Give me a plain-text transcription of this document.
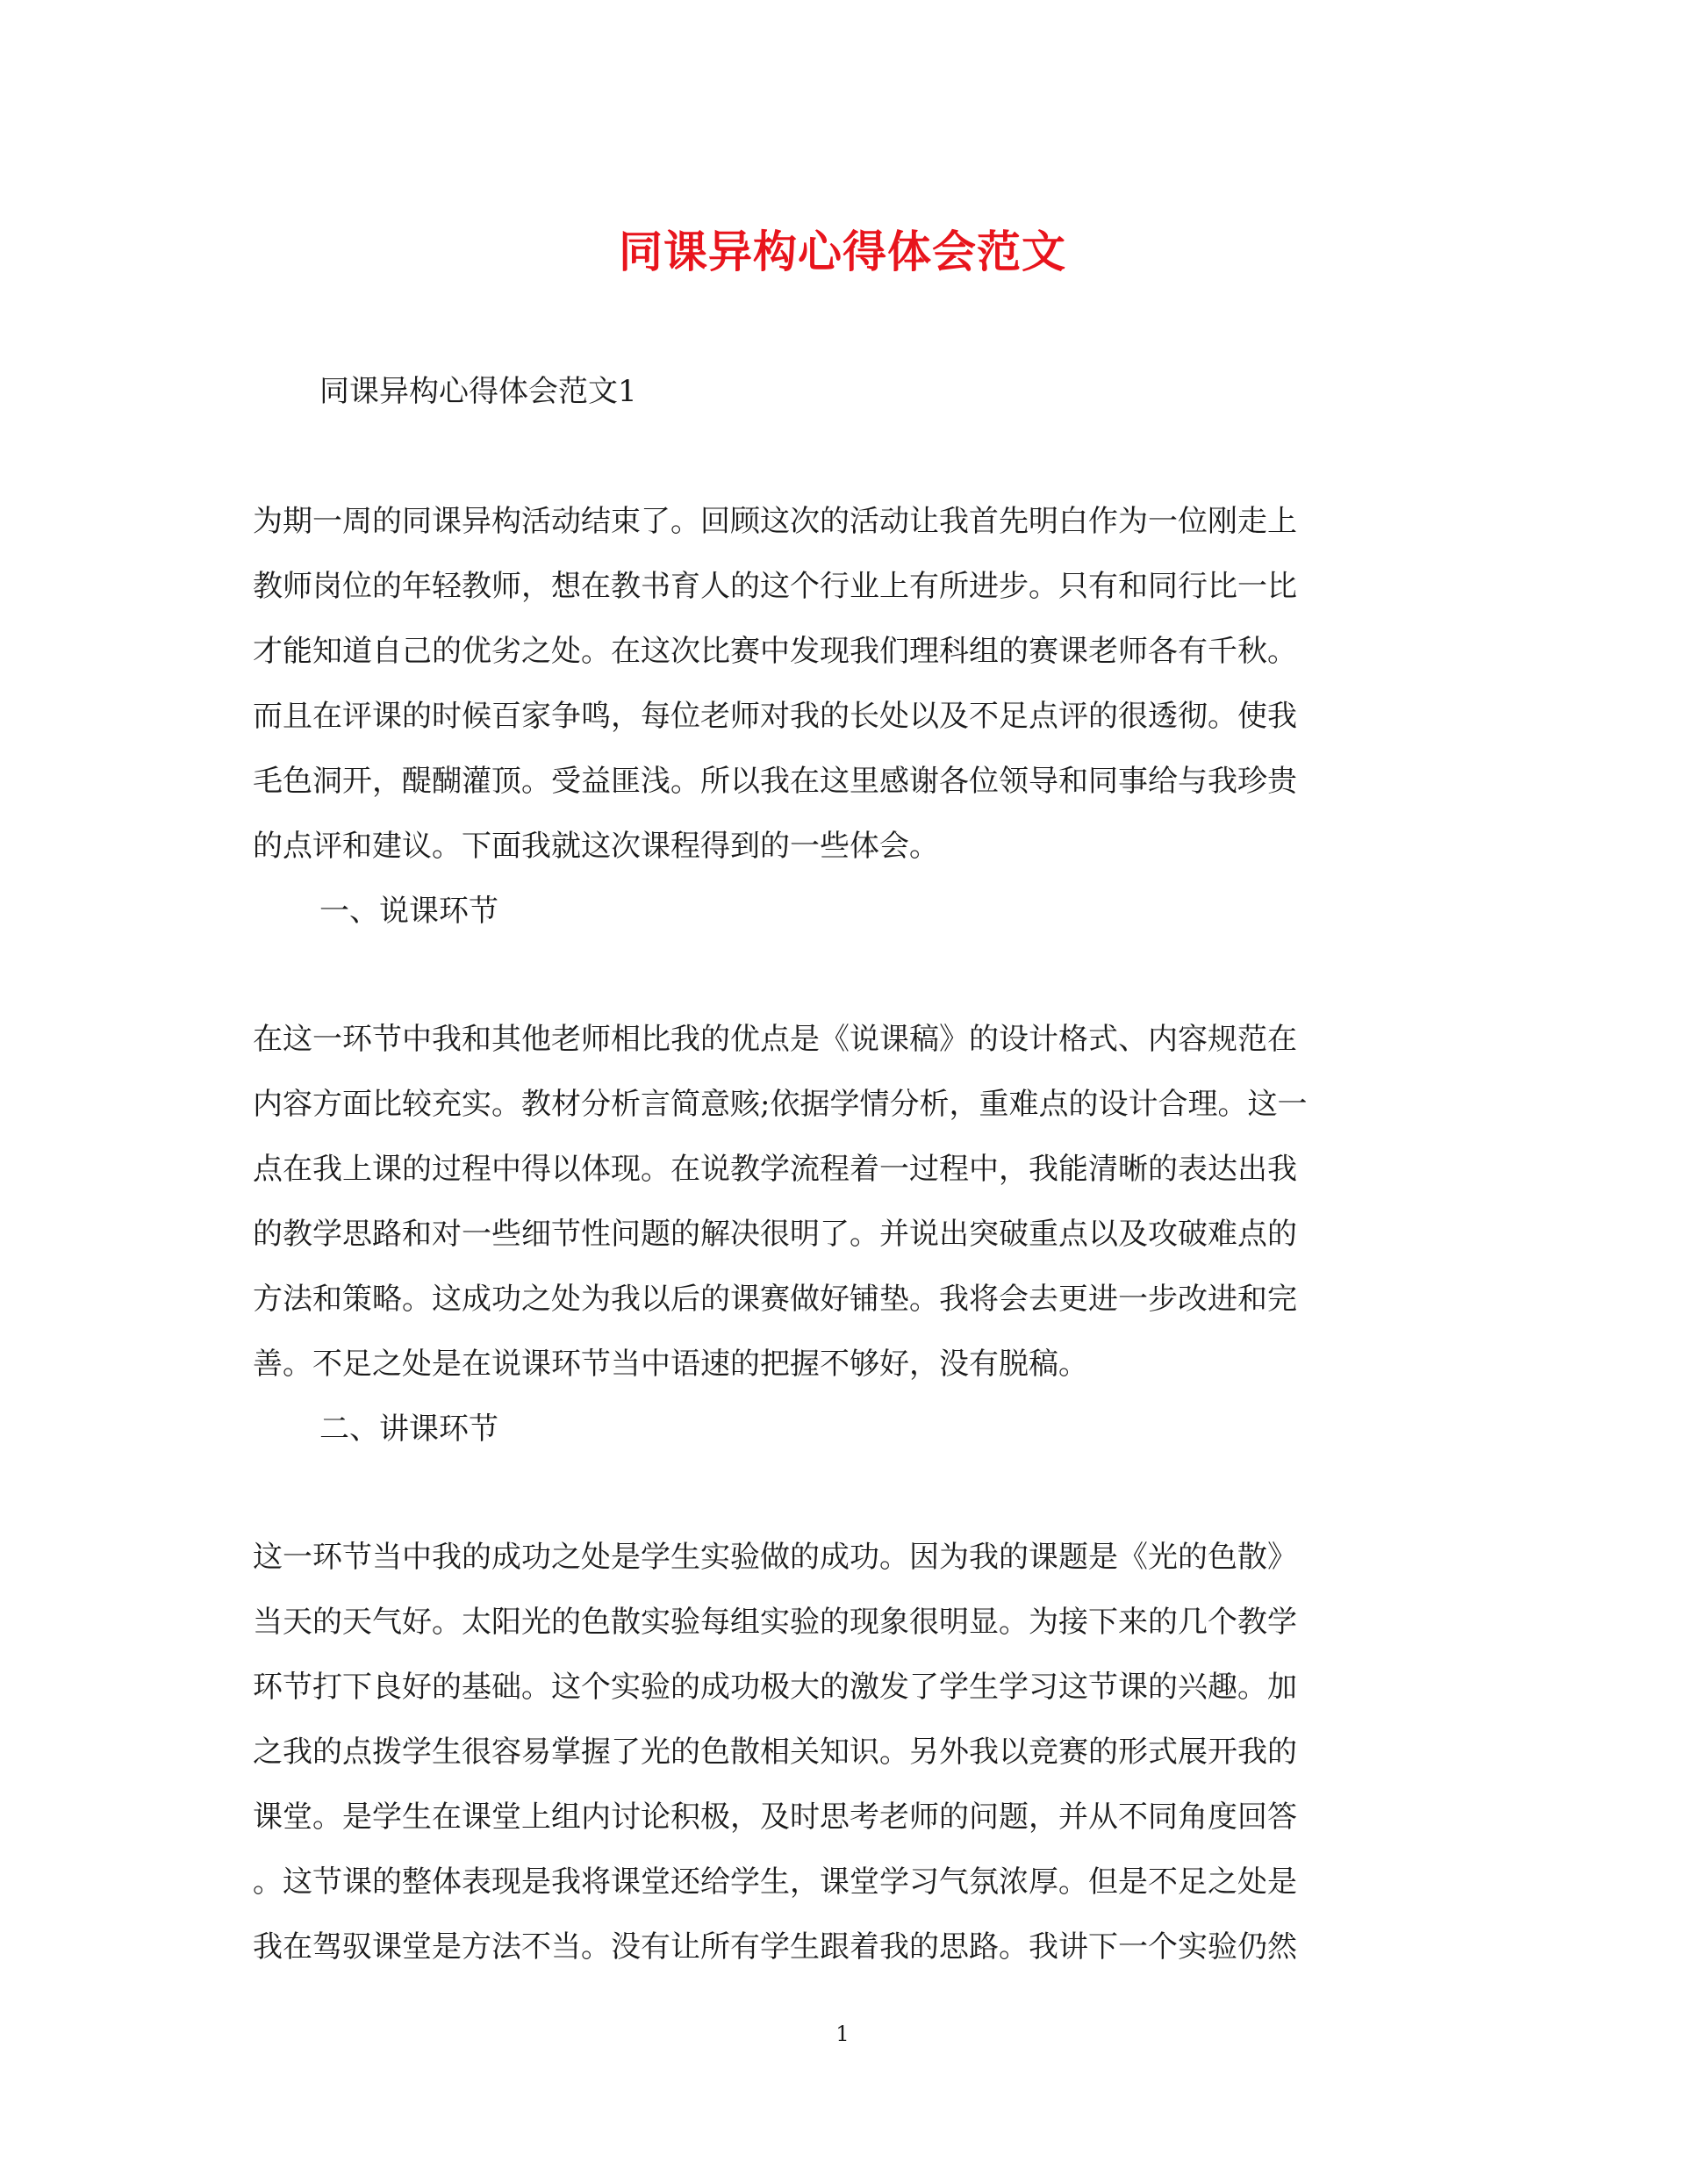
同课异构心得体会范文
同课异构心得体会范文1
为期一周的同课异构活动结束了。回顾这次的活动让我首先明白作为一位刚走上
教师岗位的年轻教师，想在教书育人的这个行业上有所进步。只有和同行比一比
才能知道自己的优劣之处。在这次比赛中发现我们理科组的赛课老师各有千秋。
而且在评课的时候百家争鸣，每位老师对我的长处以及不足点评的很透彻。使我
毛色洞开，醍醐灌顶。受益匪浅。所以我在这里感谢各位领导和同事给与我珍贵
的点评和建议。下面我就这次课程得到的一些体会。
一、说课环节
在这一环节中我和其他老师相比我的优点是《说课稿》的设计格式、内容规范在
内容方面比较充实。教材分析言简意赅;依据学情分析，重难点的设计合理。这一
点在我上课的过程中得以体现。在说教学流程着一过程中，我能清晰的表达出我
的教学思路和对一些细节性问题的解决很明了。并说出突破重点以及攻破难点的
方法和策略。这成功之处为我以后的课赛做好铺垫。我将会去更进一步改进和完
善。不足之处是在说课环节当中语速的把握不够好，没有脱稿。
二、讲课环节
这一环节当中我的成功之处是学生实验做的成功。因为我的课题是《光的色散》
当天的天气好。太阳光的色散实验每组实验的现象很明显。为接下来的几个教学
环节打下良好的基础。这个实验的成功极大的激发了学生学习这节课的兴趣。加
之我的点拨学生很容易掌握了光的色散相关知识。另外我以竞赛的形式展开我的
课堂。是学生在课堂上组内讨论积极，及时思考老师的问题，并从不同角度回答
。这节课的整体表现是我将课堂还给学生，课堂学习气氛浓厚。但是不足之处是
我在驾驭课堂是方法不当。没有让所有学生跟着我的思路。我讲下一个实验仍然
1
